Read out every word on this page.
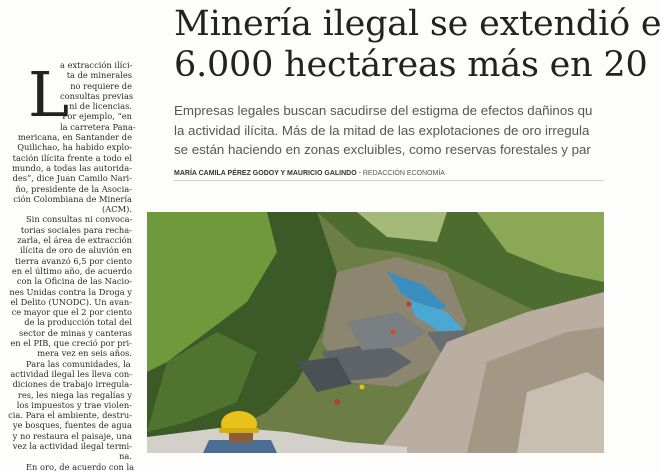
Minería ilegal se extendió e
6.000 hectáreas más en 20
Empresas legales buscan sacudirse del estigma de efectos dañinos qu
la actividad ilícita. Más de la mitad de las explotaciones de oro irregula
se están haciendo en zonas excluibles, como reservas forestales y par
MARÍA CAMILA PÉREZ GODOY Y MAURICIO GALINDO - REDACCIÓN ECONOMÍA
L
a extracción ilíci-
ta de minerales
no requiere de
consultas previas
ni de licencias.
Por ejemplo, “en
la carretera Pana-
mericana, en Santander de
Quilichao, ha habido explo-
tación ilícita frente a todo el
mundo, a todas las autorida-
des”, dice Juan Camilo Nari-
ño, presidente de la Asocia-
ción Colombiana de Minería
(ACM).
Sin consultas ni convoca-
torias sociales para recha-
zarla, el área de extracción
ilícita de oro de aluvión en
tierra avanzó 6,5 por ciento
en el último año, de acuerdo
con la Oficina de las Nacio-
nes Unidas contra la Droga y
el Delito (UNODC). Un avan-
ce mayor que el 2 por ciento
de la producción total del
sector de minas y canteras
en el PIB, que creció por pri-
mera vez en seis años.
Para las comunidades, la
actividad ilegal les lleva con-
diciones de trabajo irregula-
res, les niega las regalías y
los impuestos y trae violen-
cia. Para el ambiente, destru-
ye bosques, fuentes de agua
y no restaura el paisaje, una
vez la actividad ilegal termi-
na.
En oro, de acuerdo con la
